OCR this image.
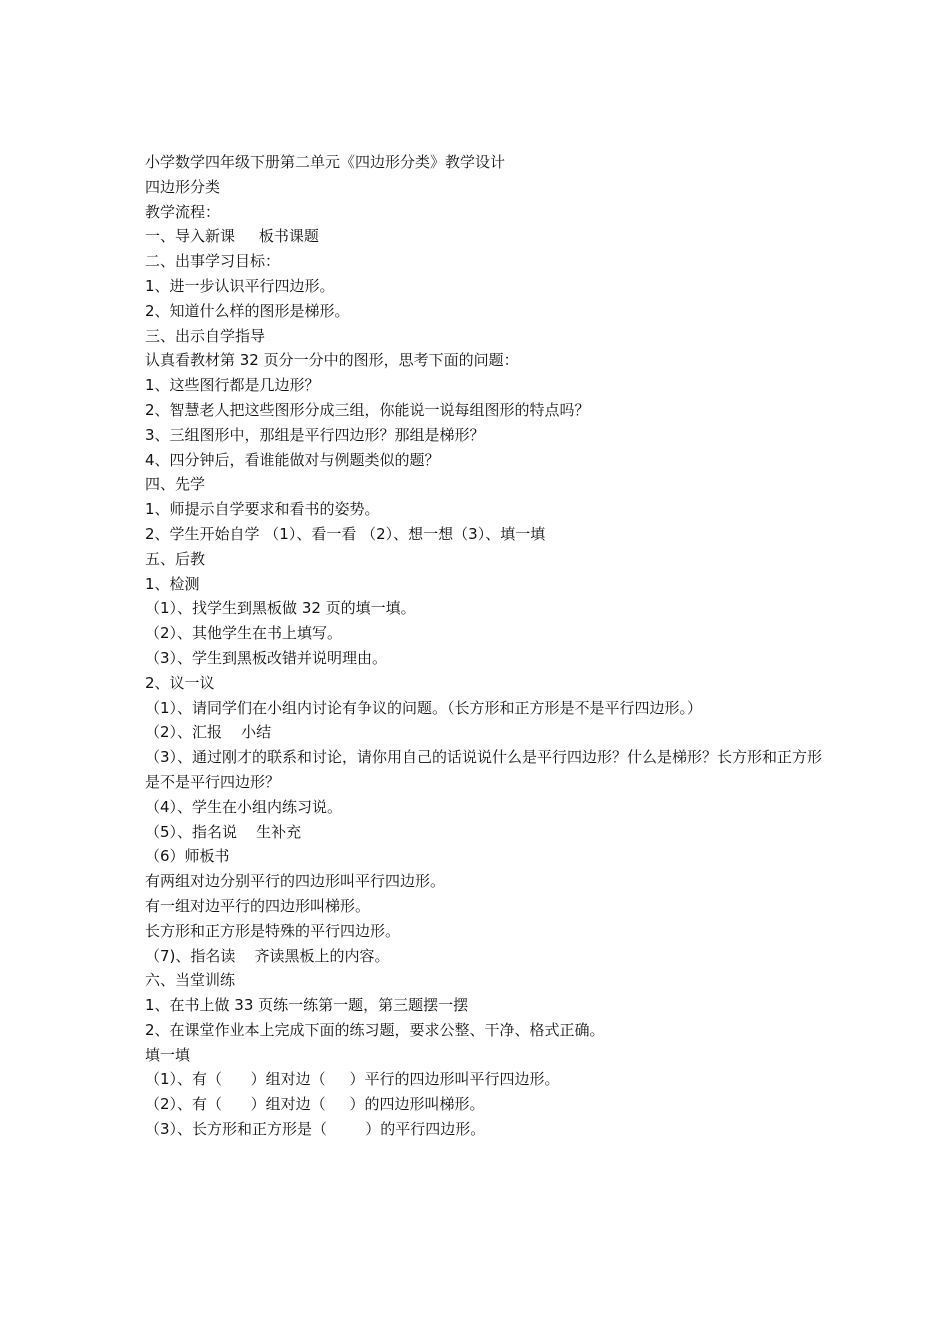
小学数学四年级下册第二单元《四边形分类》教学设计

四边形分类

教学流程：

一、导入新课     板书课题

二、出事学习目标：

1、进一步认识平行四边形。

2、知道什么样的图形是梯形。

三、出示自学指导

认真看教材第 32 页分一分中的图形，思考下面的问题：

1、这些图行都是几边形？

2、智慧老人把这些图形分成三组，你能说一说每组图形的特点吗？

3、三组图形中，那组是平行四边形？那组是梯形？

4、四分钟后，看谁能做对与例题类似的题？

四、先学

1、师提示自学要求和看书的姿势。

2、学生开始自学 （1）、看一看 （2）、想一想（3）、填一填

五、后教

1、检测

（1）、找学生到黑板做 32 页的填一填。

（2）、其他学生在书上填写。

（3）、学生到黑板改错并说明理由。

2、议一议

（1）、请同学们在小组内讨论有争议的问题。（长方形和正方形是不是平行四边形。）

（2）、汇报    小结

（3）、通过刚才的联系和讨论，请你用自己的话说说什么是平行四边形？什么是梯形？长方形和正方形是不是平行四边形？

（4）、学生在小组内练习说。

（5）、指名说    生补充

（6）师板书

有两组对边分别平行的四边形叫平行四边形。

有一组对边平行的四边形叫梯形。

长方形和正方形是特殊的平行四边形。

（7)、指名读    齐读黑板上的内容。

六、当堂训练

1、在书上做 33 页练一练第一题，第三题摆一摆

2、在课堂作业本上完成下面的练习题，要求公整、干净、格式正确。

填一填

（1）、有（      ）组对边（     ）平行的四边形叫平行四边形。

（2）、有（      ）组对边（     ）的四边形叫梯形。

（3）、长方形和正方形是（        ）的平行四边形。
